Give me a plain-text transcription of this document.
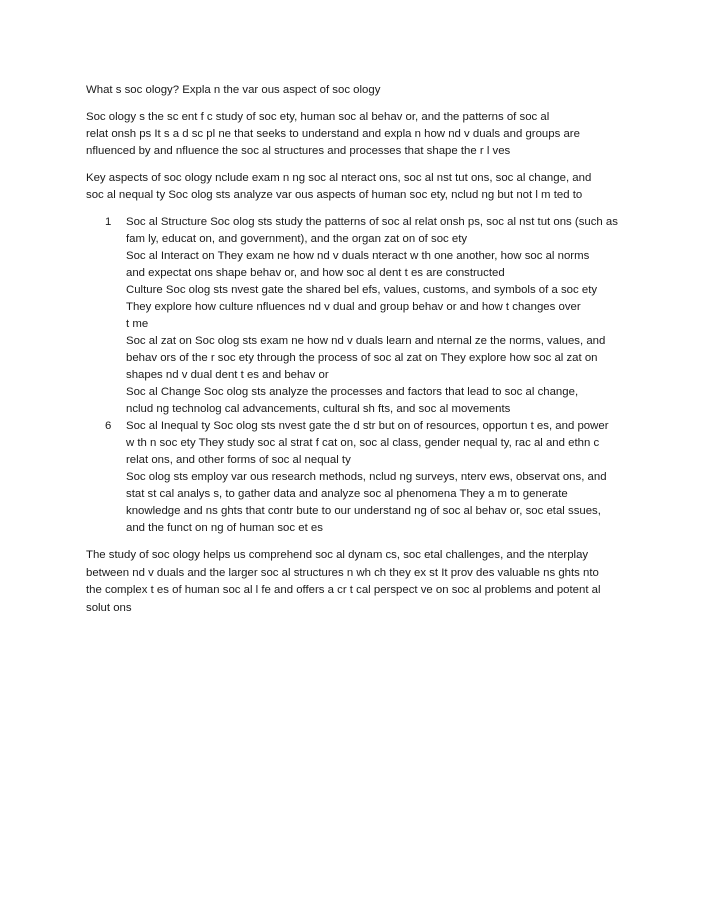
What s soc ology? Expla n the var ous aspect of soc ology
Soc ology s the sc ent f c study of soc ety, human soc al behav or, and the patterns of soc al
relat onsh ps It s a d sc pl ne that seeks to understand and expla n how nd v duals and groups are
nfluenced by and nfluence the soc al structures and processes that shape the r l ves
Key aspects of soc ology nclude exam n ng soc al nteract ons, soc al nst tut ons, soc al change, and
soc al nequal ty Soc olog sts analyze var ous aspects of human soc ety, nclud ng but not l m ted to
1 Soc al Structure Soc olog sts study the patterns of soc al relat onsh ps, soc al nst tut ons (such as
fam ly, educat on, and government), and the organ zat on of soc ety
Soc al Interact on They exam ne how nd v duals nteract w th one another, how soc al norms
and expectat ons shape behav or, and how soc al dent t es are constructed
Culture Soc olog sts nvest gate the shared bel efs, values, customs, and symbols of a soc ety
They explore how culture nfluences nd v dual and group behav or and how t changes over
t me
Soc al zat on Soc olog sts exam ne how nd v duals learn and nternal ze the norms, values, and
behav ors of the r soc ety through the process of soc al zat on They explore how soc al zat on
shapes nd v dual dent t es and behav or
Soc al Change Soc olog sts analyze the processes and factors that lead to soc al change,
nclud ng technolog cal advancements, cultural sh fts, and soc al movements
6 Soc al Inequal ty Soc olog sts nvest gate the d str but on of resources, opportun t es, and power
w th n soc ety They study soc al strat f cat on, soc al class, gender nequal ty, rac al and ethn c
relat ons, and other forms of soc al nequal ty
Soc olog sts employ var ous research methods, nclud ng surveys, nterv ews, observat ons, and
stat st cal analys s, to gather data and analyze soc al phenomena They a m to generate
knowledge and ns ghts that contr bute to our understand ng of soc al behav or, soc etal ssues,
and the funct on ng of human soc et es
The study of soc ology helps us comprehend soc al dynam cs, soc etal challenges, and the nterplay
between nd v duals and the larger soc al structures n wh ch they ex st It prov des valuable ns ghts nto
the complex t es of human soc al l fe and offers a cr t cal perspect ve on soc al problems and potent al
solut ons
